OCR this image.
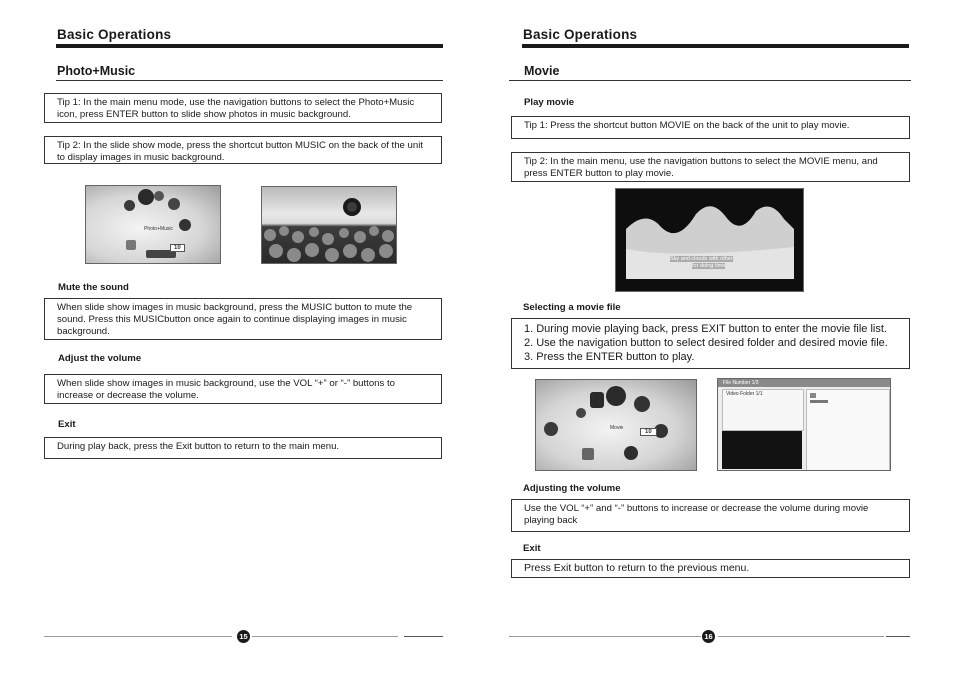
Basic Operations
Photo+Music
Tip 1: In the main menu mode, use the navigation buttons to select the Photo+Music icon, press ENTER button to slide show photos in music background.
Tip 2: In the slide show mode, press the shortcut button MUSIC on the back of the unit to display images in music background.
Photo+Music
10
Mute the sound
When slide show images in music background, press the MUSIC button to mute the sound. Press this MUSICbutton once again to continue displaying images in music background.
Adjust the volume
When slide show images in music background, use the VOL “+” or “-” buttons to increase or decrease the volume.
Exit
During play back, press the Exit button to return to the main menu.
15
Basic Operations
Movie
Play movie
Tip 1: Press the shortcut button MOVIE on the back of the unit to play movie.
Tip 2: In the main menu, use the navigation buttons to select the MOVIE menu, and press ENTER button to play movie.
Sky and clouds with other
for doing time
Selecting a movie file
1. During movie playing back, press EXIT button to enter the movie file list.
2. Use the navigation button to select desired folder and desired movie file.
3. Press the ENTER button to play.
Movie
10
File Number 1/3
Video Folder 1/1
Adjusting the volume
Use the VOL “+” and “-” buttons to increase or decrease the volume during movie playing back
Exit
Press Exit button to return to the previous menu.
16
